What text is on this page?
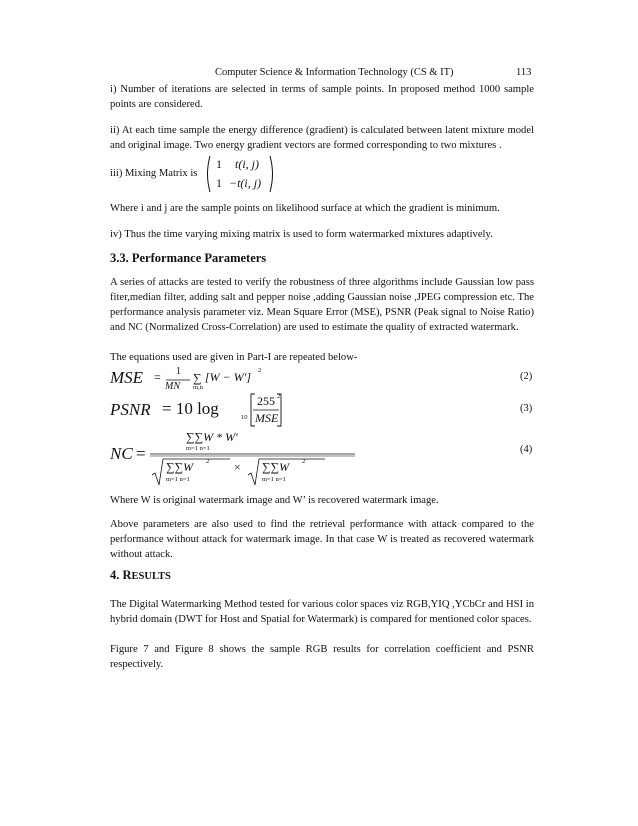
Computer Science & Information Technology (CS & IT)	113

i) Number of iterations are selected in terms of sample points. In proposed method 1000 sample points are considered.

ii) At each time sample the energy difference (gradient) is calculated between latent mixture model and original image. Two energy gradient vectors are formed corresponding to two mixtures .

iii) Mixing Matrix is
1 t(i, j)
1 −t(i, j)

Where i and j are the sample points on likelihood surface at which the gradient is minimum.

iv) Thus the time varying mixing matrix is used to form watermarked mixtures adaptively.

3.3. Performance Parameters

A series of attacks are tested to verify the robustness of three algorithms include Gaussian low pass fiter,median filter, adding salt and pepper noise ,adding Gaussian noise ,JPEG compression etc. The performance analysis parameter viz. Mean Square Error (MSE), PSNR (Peak signal to Noise Ratio) and NC (Normalized Cross-Correlation) are used to estimate the quality of extracted watermark.

The equations used are given in Part-I are repeated below-

MSE = 1
MN
∑
m,n
[W − W′] 2
(2)
PSNR = 10 log	10
255 2
MSE
(3)
NC =
∑∑W * W′
m=1 n=1
∑∑W 2
m=1 n=1
× ∑∑W 2
m=1 n=1
(4)

Where W is original watermark image and W’ is recovered watermark image.

Above parameters are also used to find the retrieval performance with attack compared to the performance without attack for watermark image. In that case W is treated as recovered watermark without attack.

4. RESULTS

The Digital Watermarking Method tested for various color spaces viz RGB,YIQ ,YCbCr and HSI in hybrid domain (DWT for Host and Spatial for Watermark) is compared for mentioned color spaces.

Figure 7 and Figure 8 shows the sample RGB results for correlation coefficient and PSNR respectively.
